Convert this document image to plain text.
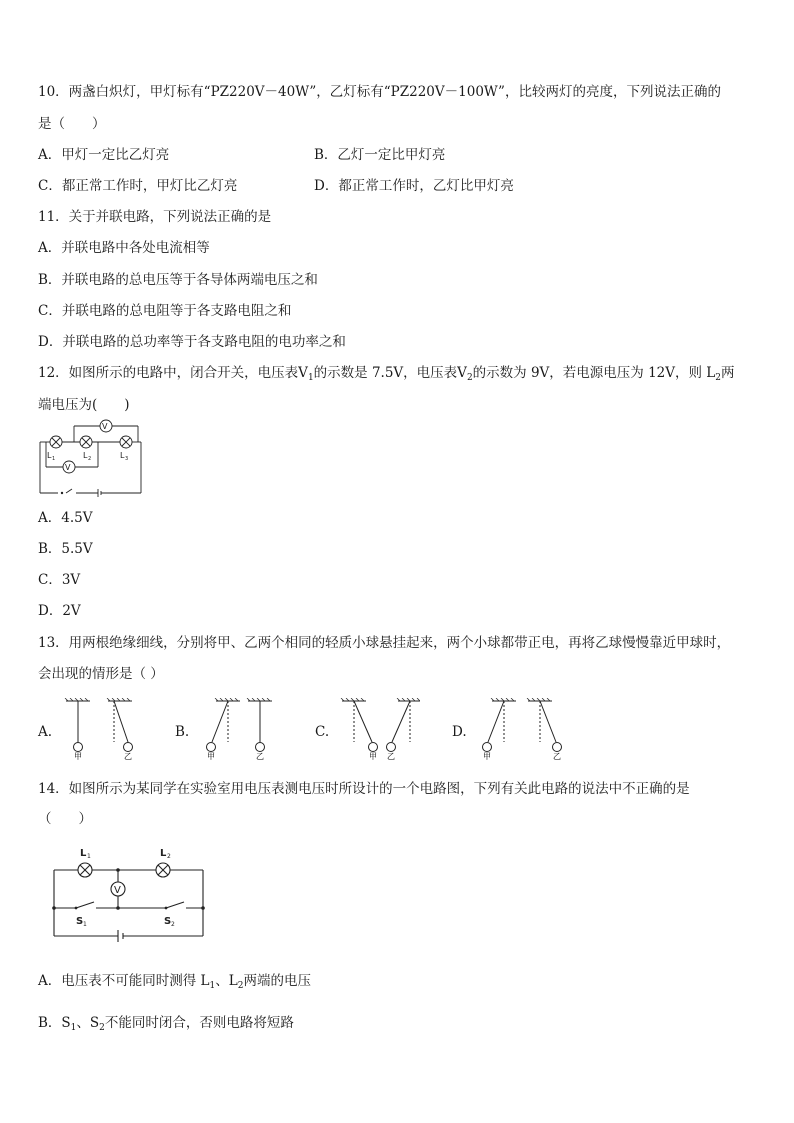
10．两盏白炽灯，甲灯标有“PZ220V－40W”，乙灯标有“PZ220V－100W”，比较两灯的亮度，下列说法正确的
是（　　）
A．甲灯一定比乙灯亮	B．乙灯一定比甲灯亮
C．都正常工作时，甲灯比乙灯亮	D．都正常工作时，乙灯比甲灯亮
11．关于并联电路，下列说法正确的是
A．并联电路中各处电流相等
B．并联电路的总电压等于各导体两端电压之和
C．并联电路的总电阻等于各支路电阻之和
D．并联电路的总功率等于各支路电阻的电功率之和
12．如图所示的电路中，闭合开关，电压表$V_1$的示数是 7.5V，电压表$V_2$的示数为 9V，若电源电压为 12V，则 $L_2$两
端电压为(　　)
V
V
L 1	L 2	L 3
A．4.5V
B．5.5V
C．3V
D．2V
13．用两根绝缘细线，分别将甲、乙两个相同的轻质小球悬挂起来，两个小球都带正电，再将乙球慢慢靠近甲球时，
会出现的情形是（ ）
A.	B.	C.	D.
甲	乙	甲	乙	甲 乙	甲	乙
14．如图所示为某同学在实验室用电压表测电压时所设计的一个电路图，下列有关此电路的说法中不正确的是
（　　）
V
L 1	L 2
S 1	S 2
A．电压表不可能同时测得 $L_1$、$L_2$两端的电压
B．$S_1$、$S_2$不能同时闭合，否则电路将短路
